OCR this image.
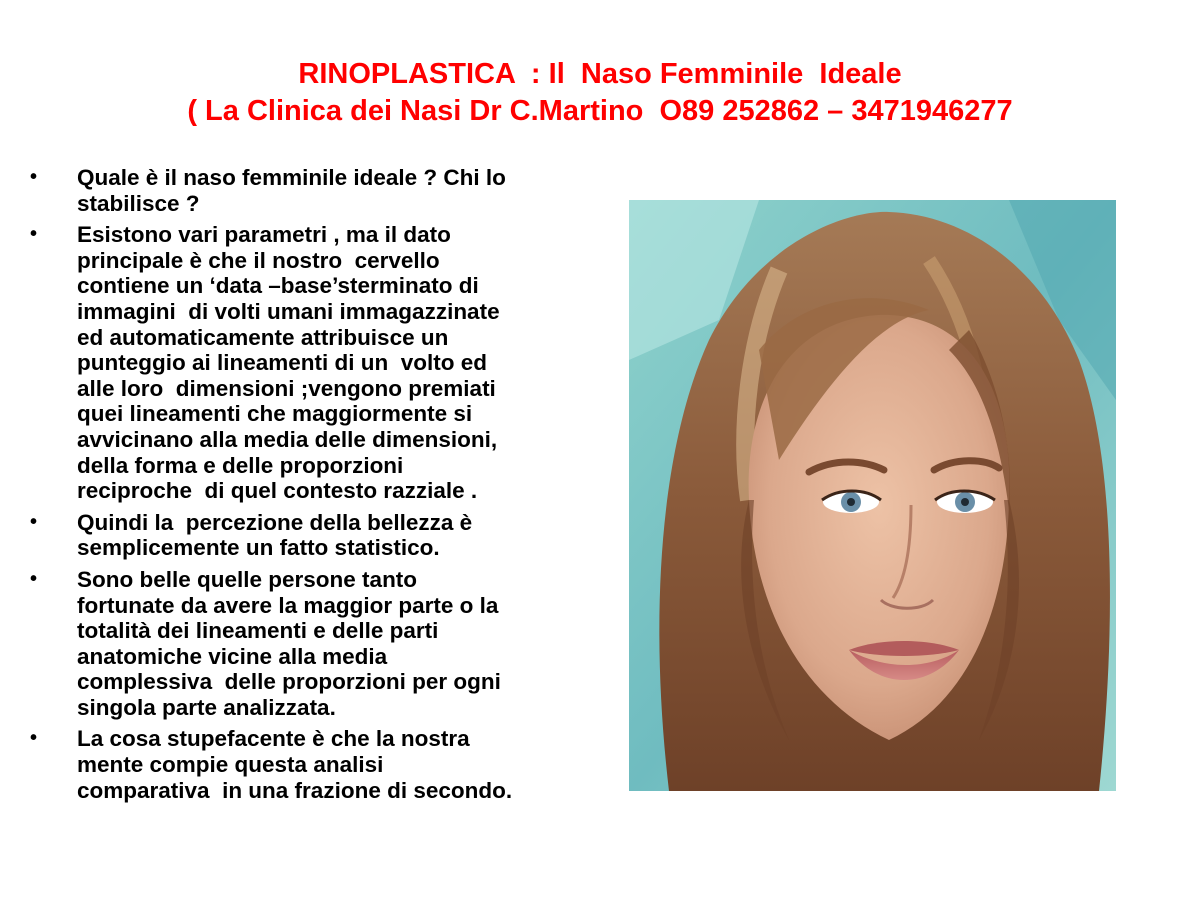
RINOPLASTICA  : Il  Naso Femminile  Ideale
( La Clinica dei Nasi Dr C.Martino  O89 252862 – 3471946277
•	Quale è il naso femminile ideale ? Chi lo
stabilisce ?
•	Esistono vari parametri , ma il dato
principale è che il nostro  cervello
contiene un ‘data –base’sterminato di
immagini  di volti umani immagazzinate
ed automaticamente attribuisce un
punteggio ai lineamenti di un  volto ed
alle loro  dimensioni ;vengono premiati
quei lineamenti che maggiormente si
avvicinano alla media delle dimensioni,
della forma e delle proporzioni
reciproche  di quel contesto razziale .
•	Quindi la  percezione della bellezza è
semplicemente un fatto statistico.
•	Sono belle quelle persone tanto
fortunate da avere la maggior parte o la
totalità dei lineamenti e delle parti
anatomiche vicine alla media
complessiva  delle proporzioni per ogni
singola parte analizzata.
•	La cosa stupefacente è che la nostra
mente compie questa analisi
comparativa  in una frazione di secondo.
